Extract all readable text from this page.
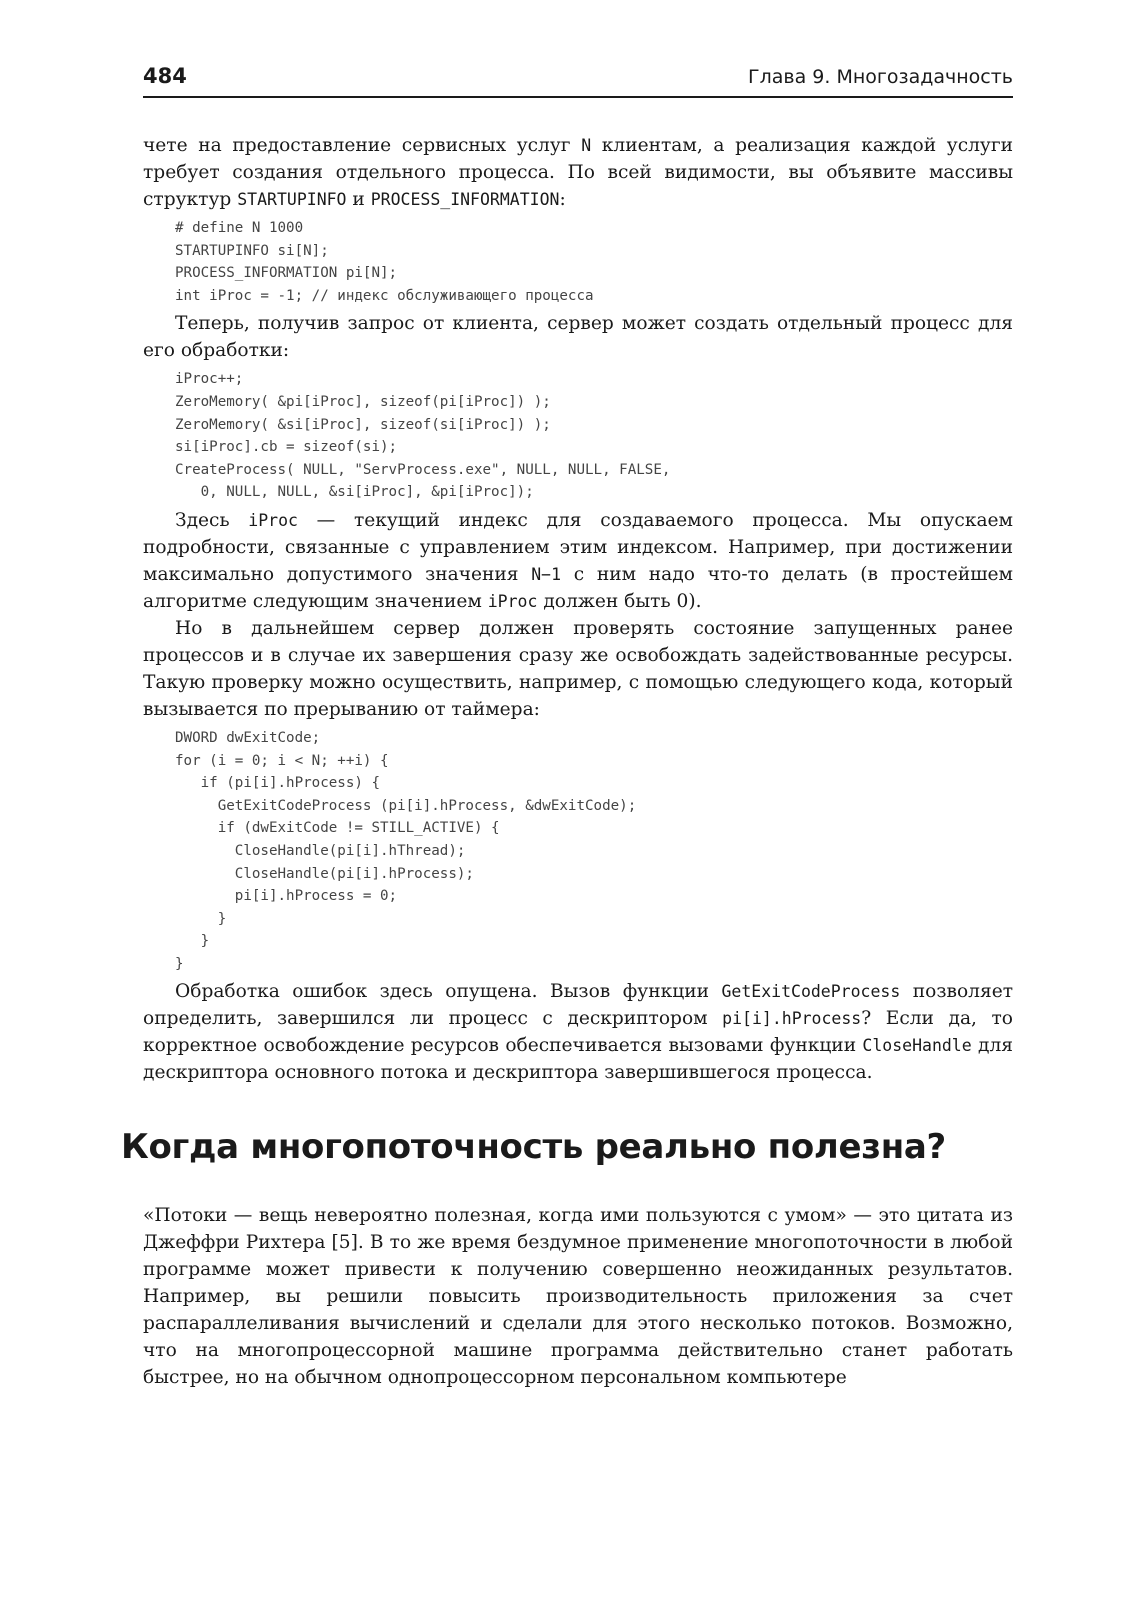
484	Глава 9. Многозадачность

чете на предоставление сервисных услуг N клиентам, а реализация каждой услуги требует создания отдельного процесса. По всей видимости, вы объявите массивы структур STARTUPINFO и PROCESS_INFORMATION:

# define N 1000
STARTUPINFO si[N];
PROCESS_INFORMATION pi[N];
int iProc = -1; // индекс обслуживающего процесса

Теперь, получив запрос от клиента, сервер может создать отдельный процесс для его обработки:

iProc++;
ZeroMemory( &pi[iProc], sizeof(pi[iProc]) );
ZeroMemory( &si[iProc], sizeof(si[iProc]) );
si[iProc].cb = sizeof(si);
CreateProcess( NULL, "ServProcess.exe", NULL, NULL, FALSE,
0, NULL, NULL, &si[iProc], &pi[iProc]);

Здесь iProc — текущий индекс для создаваемого процесса. Мы опускаем подробности, связанные с управлением этим индексом. Например, при достижении максимально допустимого значения N−1 с ним надо что-то делать (в простейшем алгоритме следующим значением iProc должен быть 0).

Но в дальнейшем сервер должен проверять состояние запущенных ранее процессов и в случае их завершения сразу же освобождать задействованные ресурсы. Такую проверку можно осуществить, например, с помощью следующего кода, который вызывается по прерыванию от таймера:

DWORD dwExitCode;
for (i = 0; i < N; ++i) {
if (pi[i].hProcess) {
GetExitCodeProcess (pi[i].hProcess, &dwExitCode);
if (dwExitCode != STILL_ACTIVE) {
CloseHandle(pi[i].hThread);
CloseHandle(pi[i].hProcess);
pi[i].hProcess = 0;
}
}
}

Обработка ошибок здесь опущена. Вызов функции GetExitCodeProcess позволяет определить, завершился ли процесс с дескриптором pi[i].hProcess? Если да, то корректное освобождение ресурсов обеспечивается вызовами функции CloseHandle для дескриптора основного потока и дескриптора завершившегося процесса.

Когда многопоточность реально полезна?

«Потоки — вещь невероятно полезная, когда ими пользуются с умом» — это цитата из Джеффри Рихтера [5]. В то же время бездумное применение многопоточности в любой программе может привести к получению совершенно неожиданных результатов. Например, вы решили повысить производительность приложения за счет распараллеливания вычислений и сделали для этого несколько потоков. Возможно, что на многопроцессорной машине программа действительно станет работать быстрее, но на обычном однопроцессорном персональном компьютере
